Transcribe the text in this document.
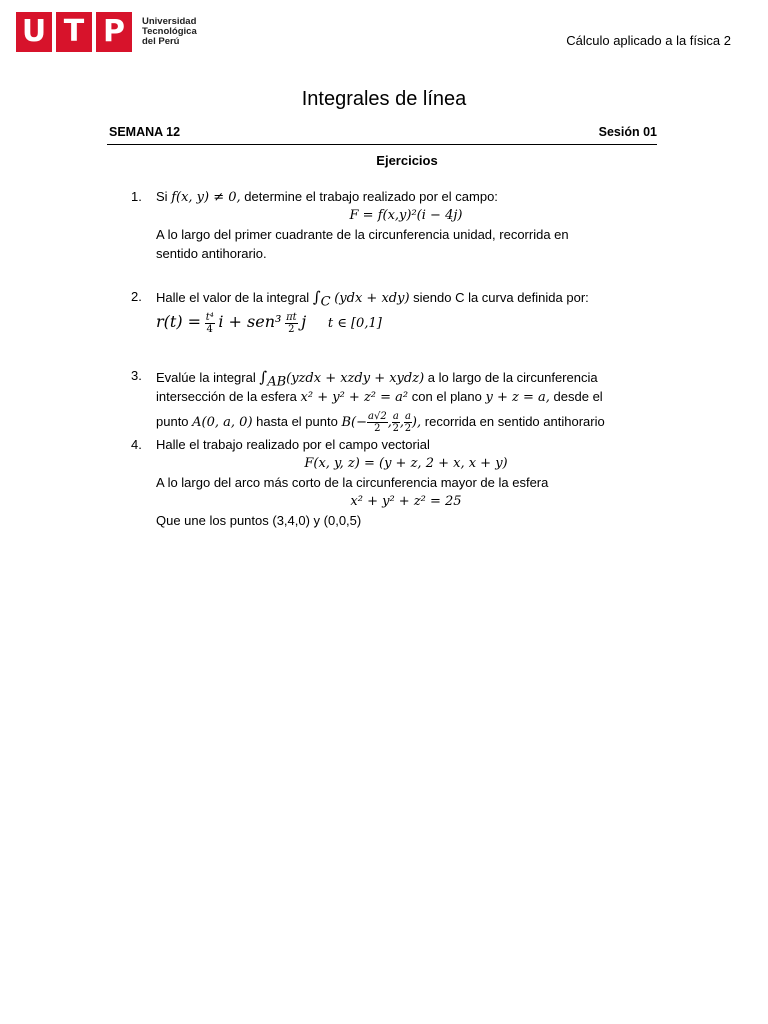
U T P	Universidad
Tecnológica
del Perú	Cálculo aplicado a la física 2
Integrales de línea
SEMANA 12	Sesión 01
Ejercicios
1. Si f(x, y) ≠ 0, determine el trabajo realizado por el campo:
F = f(x,y)²(i − 4j)
A lo largo del primer cuadrante de la circunferencia unidad, recorrida en
sentido antihorario.
2. Halle el valor de la integral $\int_C$ (ydx + xdy) siendo C la curva definida por:
$r(t) = \frac{\text{t⁴}}{4}$ $i + sen^3 \frac{\pi t}{2}$ j t ∈ [0,1]
3. Evalúe la integral $\int_{AB}(yzdx$ + xzdy + xydz) a lo largo de la circunferencia
intersección de la esfera x² + y² + z² = a² con el plano y + z = a, desde el
punto A(0, a, 0) hasta el punto $B(- \frac{a√2}{2}$ , $\frac{a}{2}$ , $\frac{a}{2}$ ), recorrida en sentido antihorario
4. Halle el trabajo realizado por el campo vectorial
F(x, y, z) = (y + z, 2 + x, x + y)
A lo largo del arco más corto de la circunferencia mayor de la esfera
x² + y² + z² = 25
Que une los puntos (3,4,0) y (0,0,5)
